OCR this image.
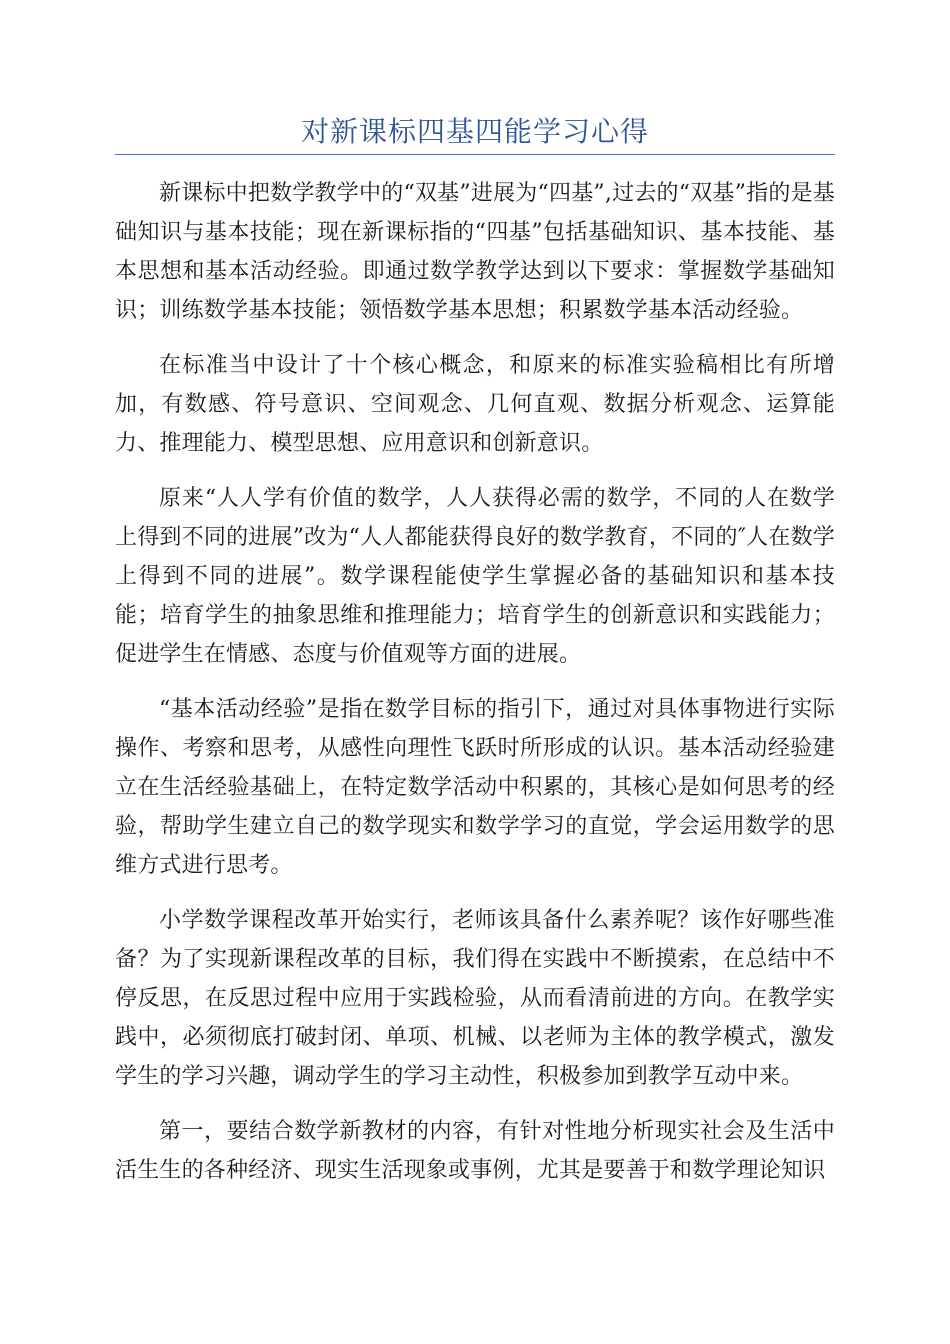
对新课标四基四能学习心得

新课标中把数学教学中的“双基”进展为“四基”,过去的“双基”指的是基础知识与基本技能；现在新课标指的“四基”包括基础知识、基本技能、基本思想和基本活动经验。即通过数学教学达到以下要求：掌握数学基础知识；训练数学基本技能；领悟数学基本思想；积累数学基本活动经验。

在标准当中设计了十个核心概念，和原来的标准实验稿相比有所增加，有数感、符号意识、空间观念、几何直观、数据分析观念、运算能力、推理能力、模型思想、应用意识和创新意识。

原来“人人学有价值的数学，人人获得必需的数学，不同的人在数学上得到不同的进展”改为“人人都能获得良好的数学教育，不同的″人在数学上得到不同的进展”。数学课程能使学生掌握必备的基础知识和基本技能；培育学生的抽象思维和推理能力；培育学生的创新意识和实践能力；促进学生在情感、态度与价值观等方面的进展。

“基本活动经验”是指在数学目标的指引下，通过对具体事物进行实际操作、考察和思考，从感性向理性飞跃时所形成的认识。基本活动经验建立在生活经验基础上，在特定数学活动中积累的，其核心是如何思考的经验，帮助学生建立自己的数学现实和数学学习的直觉，学会运用数学的思维方式进行思考。

小学数学课程改革开始实行，老师该具备什么素养呢？该作好哪些准备？为了实现新课程改革的目标，我们得在实践中不断摸索，在总结中不停反思，在反思过程中应用于实践检验，从而看清前进的方向。在教学实践中，必须彻底打破封闭、单项、机械、以老师为主体的教学模式，激发学生的学习兴趣，调动学生的学习主动性，积极参加到教学互动中来。

第一，要结合数学新教材的内容，有针对性地分析现实社会及生活中活生生的各种经济、现实生活现象或事例，尤其是要善于和数学理论知识
